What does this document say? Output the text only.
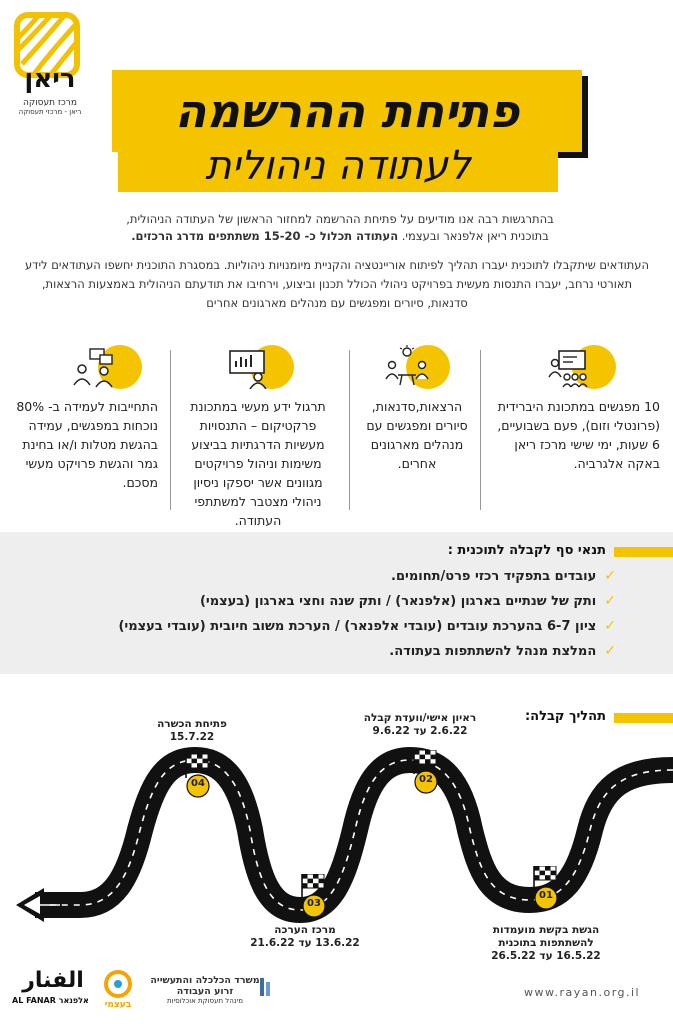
ריאן
מרכז תעסוקה
ריאן - מרכזי תעסוקה פתיחת ההרשמה
לעתודה ניהולית
בהתרגשות רבה אנו מודיעים על פתיחת ההרשמה למחזור הראשון של העתודה הניהולית,
בתוכנית ריאן אלפנאר ובעצמי. העתודה תכלול כ- 15-20 משתתפים מדרג הרכזים.
העתודאים שיתקבלו לתוכנית יעברו תהליך לפיתוח אוריינטציה והקניית מיומנויות ניהוליות. במסגרת התוכנית יחשפו העתודאים לידע תאורטי נרחב, יעברו התנסות מעשית בפרויקט ניהולי הכולל תכנון וביצוע, וירחיבו את תודעתם הניהולית באמצעות הרצאות, סדנאות, סיורים ומפגשים עם מנהלים מארגונים אחרים
10 מפגשים במתכונת היברידית (פרונטלי וזום), פעם בשבועיים, 6 שעות, ימי שישי מרכז ריאן באקה אלגרביה.
הרצאות,סדנאות, סיורים ומפגשים עם מנהלים מארגונים אחרים.
תרגול ידע מעשי במתכונת פרקטיקום – התנסויות מעשיות הדרגתיות בביצוע משימות וניהול פרויקטים מגוונים אשר יספקו ניסיון ניהולי מצטבר למשתתפי העתודה.
התחייבות לעמידה ב- 80% נוכחות במפגשים, עמידה בהגשת מטלות ו/או בחינת גמר והגשת פרויקט מעשי מסכם.
תנאי סף לקבלה לתוכנית :
✓עובדים בתפקיד רכזי פרט/תחומים.
✓ותק של שנתיים בארגון (אלפנאר) / ותק שנה וחצי בארגון (בעצמי)
✓ציון 6-7 בהערכת עובדים (עובדי אלפנאר) / הערכת משוב חיובית (עובדי בעצמי)
✓המלצת מנהל להשתתפות בעתודה.
תהליך קבלה:
01
02
03
04
הגשת בקשת מועמדות
להשתתפות בתוכנית
16.5.22 עד 26.5.22
ראיון אישי/וועדת קבלה
2.6.22 עד 9.6.22
מרכז הערכה
13.6.22 עד 21.6.22
פתיחת הכשרה
15.7.22
www.rayan.org.il
משרד הכלכלה והתעשייה
זרוע העבודה
מינהל תעסוקת אוכלוסיות
בעצמי
الفنار
AL FANAR אלפנאר
